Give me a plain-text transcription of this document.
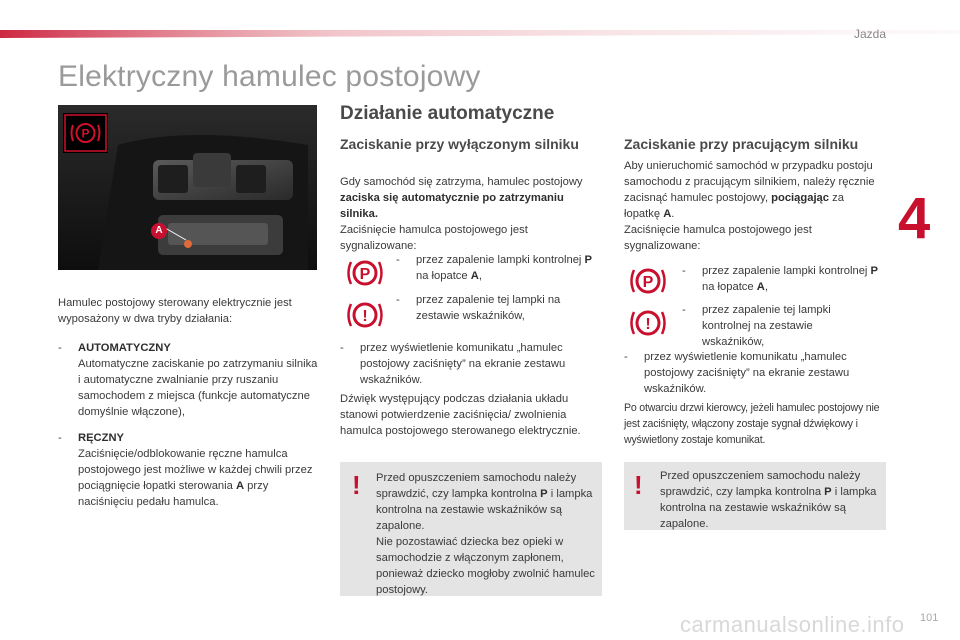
Jazda
Elektryczny hamulec postojowy
4
P
A
Hamulec postojowy sterowany elektrycznie jest wyposażony w dwa tryby działania:
-	AUTOMATYCZNY
Automatyczne zaciskanie po zatrzymaniu silnika i automatyczne zwalnianie przy ruszaniu samochodem z miejsca (funkcje automatyczne domyślnie włączone),
-	RĘCZNY
Zaciśnięcie/odblokowanie ręczne hamulca postojowego jest możliwe w każdej chwili przez pociągnięcie łopatki sterowania A przy naciśnięciu pedału hamulca.
Działanie automatyczne
Zaciskanie przy wyłączonym silniku
Gdy samochód się zatrzyma, hamulec postojowy zaciska się automatycznie po zatrzymaniu silnika.
Zaciśnięcie hamulca postojowego jest sygnalizowane:
P
-	przez zapalenie lampki kontrolnej P na łopatce A,
!
-	przez zapalenie tej lampki na zestawie wskaźników,
-	przez wyświetlenie komunikatu „hamulec postojowy zaciśnięty” na ekranie zestawu wskaźników.
Dźwięk występujący podczas działania układu stanowi potwierdzenie zaciśnięcia/ zwolnienia hamulca postojowego sterowanego elektrycznie.
! Przed opuszczeniem samochodu należy sprawdzić, czy lampka kontrolna P i lampka kontrolna na zestawie wskaźników są zapalone.
Nie pozostawiać dziecka bez opieki w samochodzie z włączonym zapłonem, ponieważ dziecko mogłoby zwolnić hamulec postojowy.
Zaciskanie przy pracującym silniku
Aby unieruchomić samochód w przypadku postoju samochodu z pracującym silnikiem, należy ręcznie zacisnąć hamulec postojowy, pociągając za łopatkę A.
Zaciśnięcie hamulca postojowego jest sygnalizowane:
P
-	przez zapalenie lampki kontrolnej P na łopatce A,
!
-	przez zapalenie tej lampki kontrolnej na zestawie wskaźników,
-	przez wyświetlenie komunikatu „hamulec postojowy zaciśnięty” na ekranie zestawu wskaźników.
Po otwarciu drzwi kierowcy, jeżeli hamulec postojowy nie jest zaciśnięty, włączony zostaje sygnał dźwiękowy i wyświetlony zostaje komunikat.
! Przed opuszczeniem samochodu należy sprawdzić, czy lampka kontrolna P i lampka kontrolna na zestawie wskaźników są zapalone.
carmanualsonline.info 101
